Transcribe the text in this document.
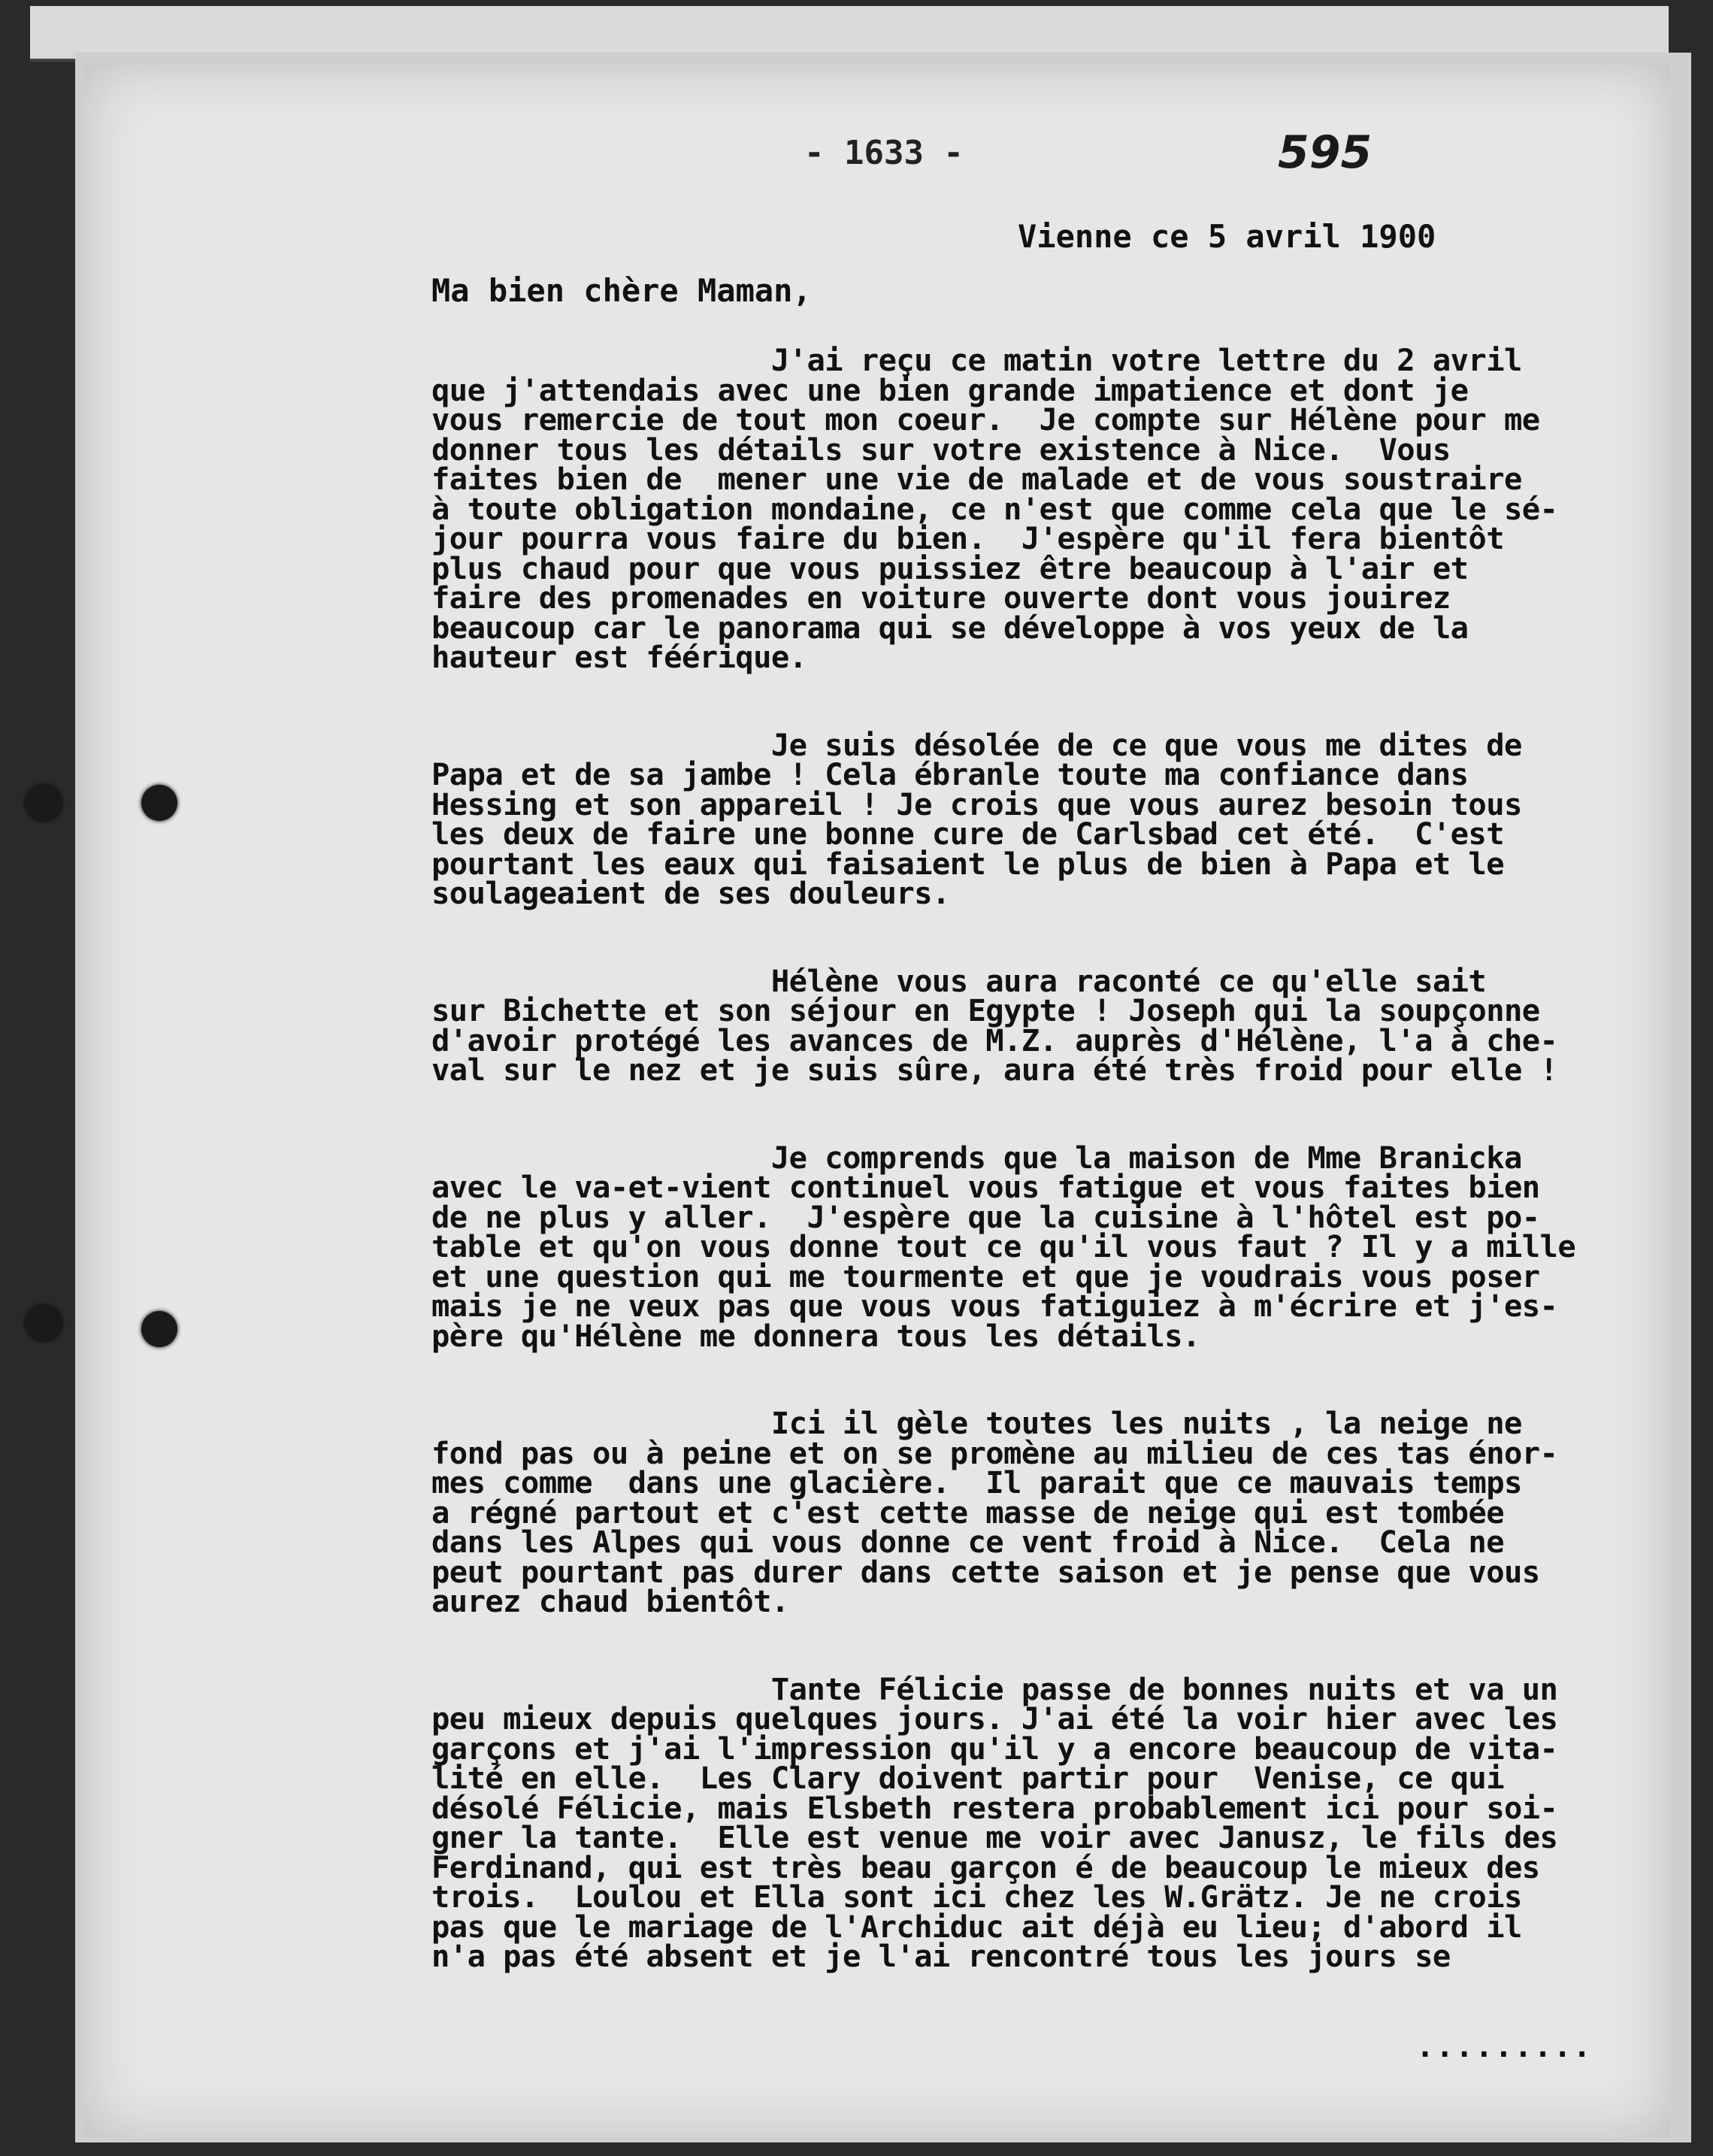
- 1633 -	595
Vienne ce 5 avril 1900
Ma bien chère Maman,
J'ai reçu ce matin votre lettre du 2 avril
que j'attendais avec une bien grande impatience et dont je
vous remercie de tout mon coeur.  Je compte sur Hélène pour me
donner tous les détails sur votre existence à Nice.  Vous
faites bien de  mener une vie de malade et de vous soustraire
à toute obligation mondaine, ce n'est que comme cela que le sé-
jour pourra vous faire du bien.  J'espère qu'il fera bientôt
plus chaud pour que vous puissiez être beaucoup à l'air et
faire des promenades en voiture ouverte dont vous jouirez
beaucoup car le panorama qui se développe à vos yeux de la
hauteur est féérique.
Je suis désolée de ce que vous me dites de
Papa et de sa jambe ! Cela ébranle toute ma confiance dans
Hessing et son appareil ! Je crois que vous aurez besoin tous
les deux de faire une bonne cure de Carlsbad cet été.  C'est
pourtant les eaux qui faisaient le plus de bien à Papa et le
soulageaient de ses douleurs.
Hélène vous aura raconté ce qu'elle sait
sur Bichette et son séjour en Egypte ! Joseph qui la soupçonne
d'avoir protégé les avances de M.Z. auprès d'Hélène, l'a à che-
val sur le nez et je suis sûre, aura été très froid pour elle !
Je comprends que la maison de Mme Branicka
avec le va-et-vient continuel vous fatigue et vous faites bien
de ne plus y aller.  J'espère que la cuisine à l'hôtel est po-
table et qu'on vous donne tout ce qu'il vous faut ? Il y a mille
et une question qui me tourmente et que je voudrais vous poser
mais je ne veux pas que vous vous fatiguiez à m'écrire et j'es-
père qu'Hélène me donnera tous les détails.
Ici il gèle toutes les nuits , la neige ne
fond pas ou à peine et on se promène au milieu de ces tas énor-
mes comme  dans une glacière.  Il parait que ce mauvais temps
a régné partout et c'est cette masse de neige qui est tombée
dans les Alpes qui vous donne ce vent froid à Nice.  Cela ne
peut pourtant pas durer dans cette saison et je pense que vous
aurez chaud bientôt.
Tante Félicie passe de bonnes nuits et va un
peu mieux depuis quelques jours. J'ai été la voir hier avec les
garçons et j'ai l'impression qu'il y a encore beaucoup de vita-
lité en elle.  Les Clary doivent partir pour  Venise, ce qui
désolé Félicie, mais Elsbeth restera probablement ici pour soi-
gner la tante.  Elle est venue me voir avec Janusz, le fils des
Ferdinand, qui est très beau garçon é de beaucoup le mieux des
trois.  Loulou et Ella sont ici chez les W.Grätz. Je ne crois
pas que le mariage de l'Archiduc ait déjà eu lieu; d'abord il
n'a pas été absent et je l'ai rencontré tous les jours se
.........
